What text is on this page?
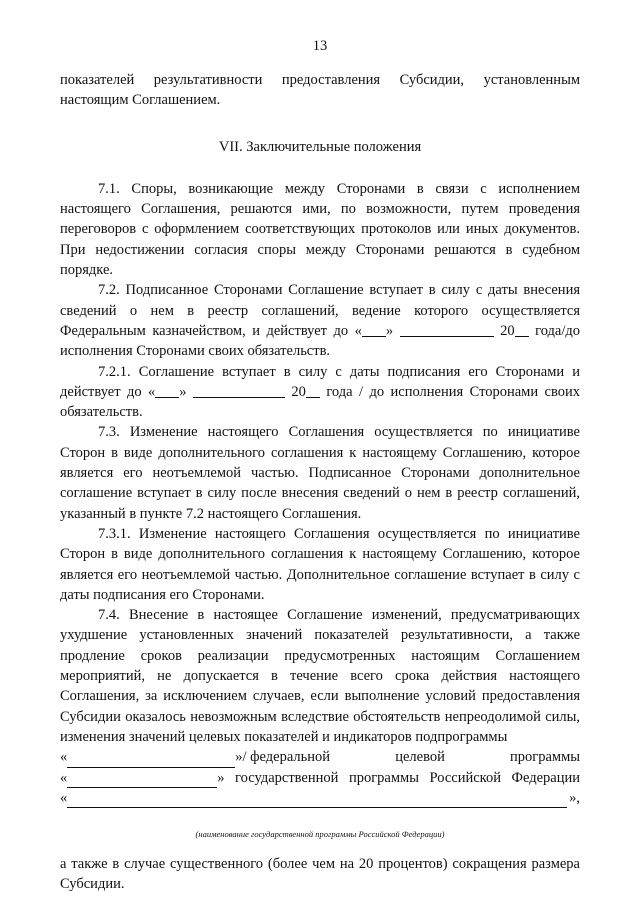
13

показателей результативности предоставления Субсидии, установленным настоящим Соглашением.

VII. Заключительные положения

7.1. Споры, возникающие между Сторонами в связи с исполнением настоящего Соглашения, решаются ими, по возможности, путем проведения переговоров с оформлением соответствующих протоколов или иных документов. При недостижении согласия споры между Сторонами решаются в судебном порядке.

7.2. Подписанное Сторонами Соглашение вступает в силу с даты внесения сведений о нем в реестр соглашений, ведение которого осуществляется Федеральным казначейством, и действует до « »	20 года/до исполнения Сторонами своих обязательств.

7.2.1. Соглашение вступает в силу с даты подписания его Сторонами и действует до « »	20 года / до исполнения Сторонами своих обязательств.

7.3. Изменение настоящего Соглашения осуществляется по инициативе Сторон в виде дополнительного соглашения к настоящему Соглашению, которое является его неотъемлемой частью. Подписанное Сторонами дополнительное соглашение вступает в силу после внесения сведений о нем в реестр соглашений, указанный в пункте 7.2 настоящего Соглашения.

7.3.1. Изменение настоящего Соглашения осуществляется по инициативе Сторон в виде дополнительного соглашения к настоящему Соглашению, которое является его неотъемлемой частью. Дополнительное соглашение вступает в силу с даты подписания его Сторонами.

7.4. Внесение в настоящее Соглашение изменений, предусматривающих ухудшение установленных значений показателей результативности, а также продление сроков реализации предусмотренных настоящим Соглашением мероприятий, не допускается в течение всего срока действия настоящего Соглашения, за исключением случаев, если выполнение условий предоставления Субсидии оказалось невозможным вследствие обстоятельств непреодолимой силы, изменения значений целевых показателей и индикаторов подпрограммы

«	»/ федеральной	целевой	программы
«	» государственной программы Российской Федерации
«	»,

(наименование государственной программы Российской Федерации)

а также в случае существенного (более чем на 20 процентов) сокращения размера Субсидии.
